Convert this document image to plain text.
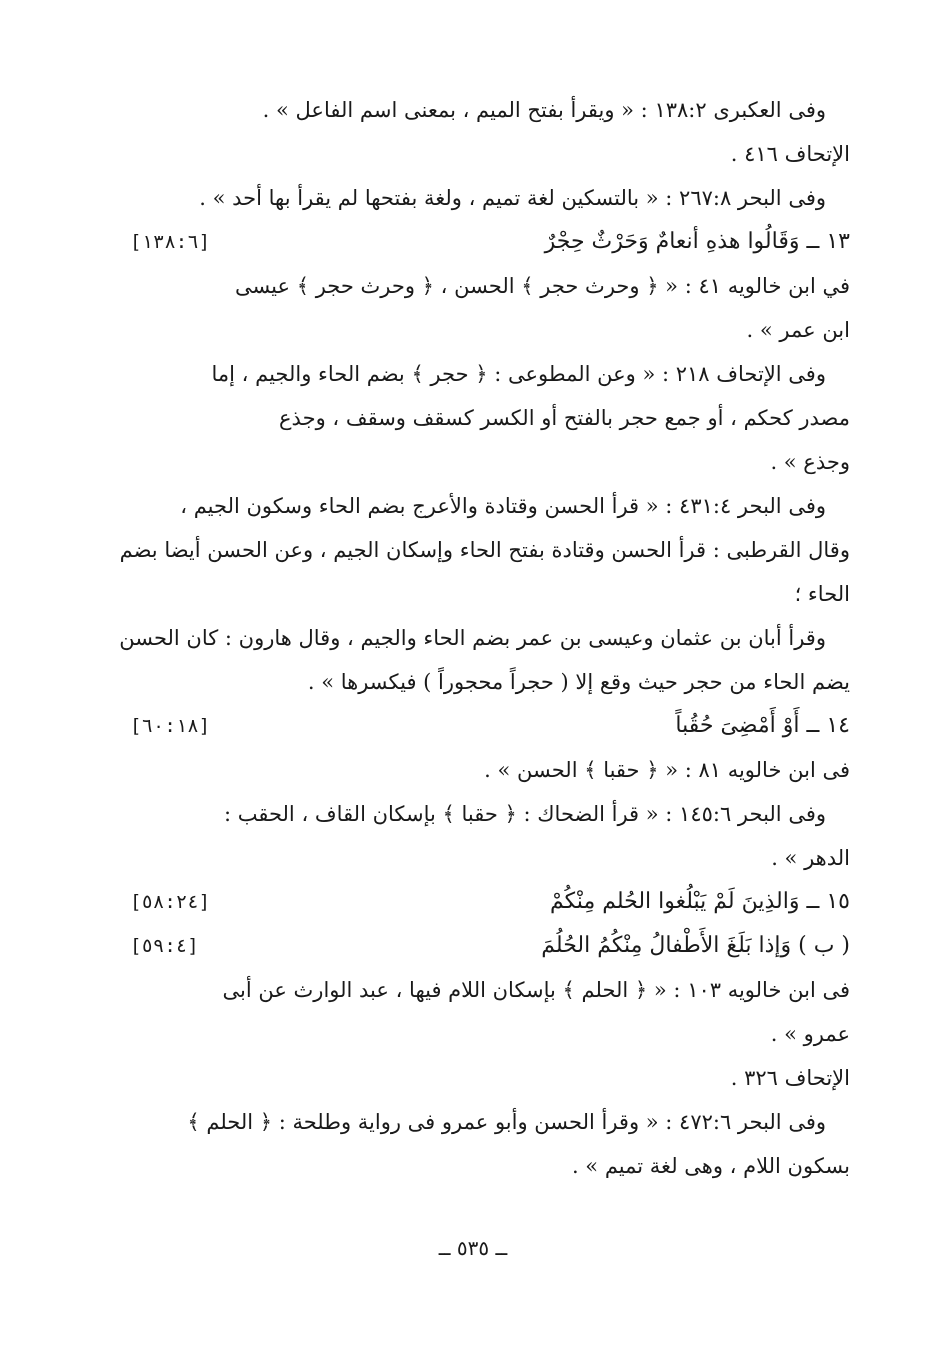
وفى العكبرى ١٣٨:٢ : « ويقرأ بفتح الميم ، بمعنى اسم الفاعل » .
الإتحاف ٤١٦ .
وفى البحر ٢٦٧:٨ : « بالتسكين لغة تميم ، ولغة بفتحها لم يقرأ بها أحد » .
١٣ ــ وَقَالُوا هذهِ أنعامٌ وَحَرْثٌ حِجْرٌ
[١٣٨:٦]
في ابن خالويه ٤١ : « ﴿ وحرث حجر ﴾ الحسن ، ﴿ وحرث حجر ﴾ عيسى
ابن عمر » .
وفى الإتحاف ٢١٨ : « وعن المطوعى : ﴿ حجر ﴾ بضم الحاء والجيم ، إما
مصدر كحكم ، أو جمع حجر بالفتح أو الكسر كسقف وسقف ، وجذع
وجذع » .
وفى البحر ٤٣١:٤ : « قرأ الحسن وقتادة والأعرج بضم الحاء وسكون الجيم ،
وقال القرطبى : قرأ الحسن وقتادة بفتح الحاء وإسكان الجيم ، وعن الحسن أيضا بضم
الحاء ؛
وقرأ أبان بن عثمان وعيسى بن عمر بضم الحاء والجيم ، وقال هارون : كان الحسن
يضم الحاء من حجر حيث وقع إلا ( حجراً محجوراً ) فيكسرها » .
١٤ ــ أَوْ أَمْضِىَ حُقُباً
[٦٠:١٨]
فى ابن خالويه ٨١ : « ﴿ حقبا ﴾ الحسن » .
وفى البحر ١٤٥:٦ : « قرأ الضحاك : ﴿ حقبا ﴾ بإسكان القاف ، الحقب :
الدهر » .
١٥ ــ وَالذِينَ لَمْ يَبْلُغوا الحُلم مِنْكُمْ
[٥٨:٢٤]
( ب ) وَإذا بَلَغَ الأَطْفالُ مِنْكُمُ الحُلُمَ
[٥٩:٤]
فى ابن خالويه ١٠٣ : « ﴿ الحلم ﴾ بإسكان اللام فيها ، عبد الوارث عن أبى
عمرو » .
الإتحاف ٣٢٦ .
وفى البحر ٤٧٢:٦ : « وقرأ الحسن وأبو عمرو فى رواية وطلحة : ﴿ الحلم ﴾
بسكون اللام ، وهى لغة تميم » .
ــ ٥٣٥ ــ
